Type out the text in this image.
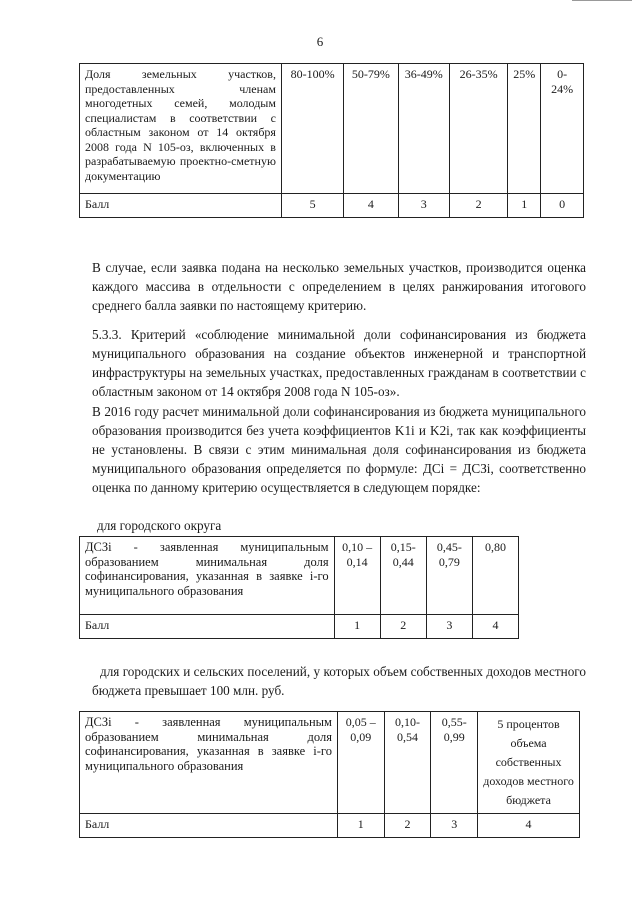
6
Доля земельных участков, предоставленных членам многодетных семей, молодым специалистам в соответствии с областным законом от 14 октября 2008 года N 105-оз, включенных в разрабатываемую проектно-сметную документацию	80-100%	50-79%	36-49%	26-35%	25%	0-24%
Балл	5	4	3	2	1	0
В случае, если заявка подана на несколько земельных участков, производится оценка каждого массива в отдельности с определением в целях ранжирования итогового среднего балла заявки по настоящему критерию.
5.3.3. Критерий «соблюдение минимальной доли софинансирования из бюджета муниципального образования на создание объектов инженерной и транспортной инфраструктуры на земельных участках, предоставленных гражданам в соответствии с областным законом от 14 октября 2008 года N 105-оз».
В 2016 году расчет минимальной доли софинансирования из бюджета муниципального образования производится без учета коэффициентов K1i и K2i, так как коэффициенты не установлены. В связи с этим минимальная доля софинансирования из бюджета муниципального образования определяется по формуле: ДСi = ДСЗi, соответственно оценка по данному критерию осуществляется в следующем порядке:
для городского округа
ДСЗi - заявленная муниципальным образованием минимальная доля софинансирования, указанная в заявке i-го муниципального образования	0,10 – 0,14	0,15-0,44	0,45-0,79	0,80
Балл	1	2	3	4
для городских и сельских поселений, у которых объем собственных доходов местного бюджета превышает 100 млн. руб.
ДСЗi - заявленная муниципальным образованием минимальная доля софинансирования, указанная в заявке i-го муниципального образования	0,05 – 0,09	0,10-0,54	0,55-0,99	5 процентов объема собственных доходов местного бюджета
Балл	1	2	3	4
